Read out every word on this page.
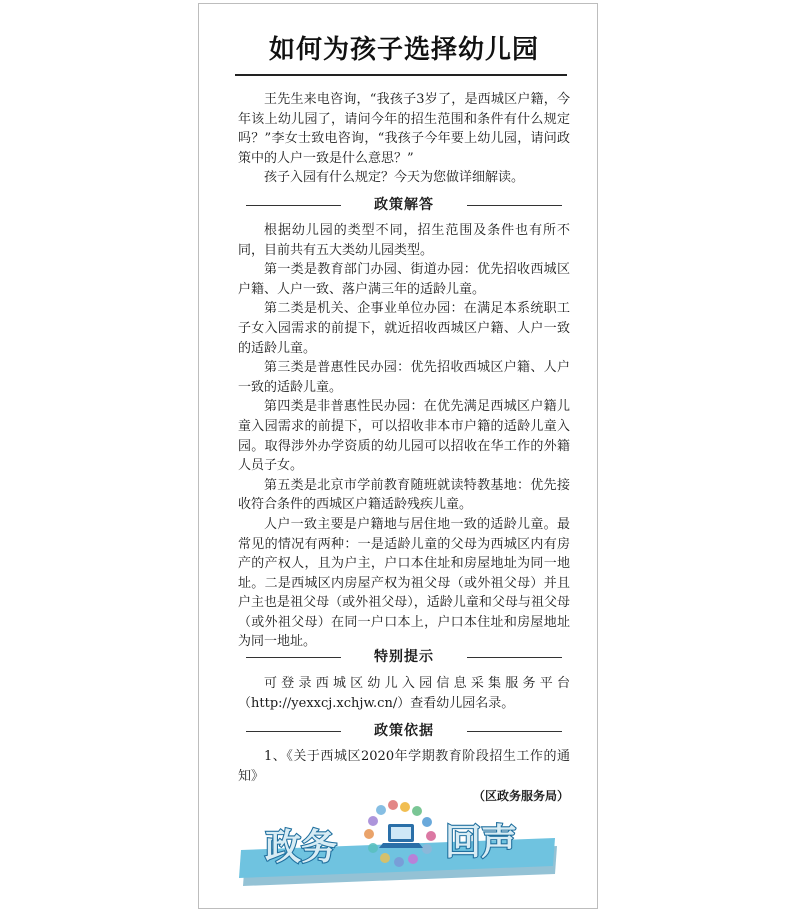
如何为孩子选择幼儿园

王先生来电咨询，“我孩子3岁了，是西城区户籍，今年该上幼儿园了，请问今年的招生范围和条件有什么规定吗？”李女士致电咨询，“我孩子今年要上幼儿园，请问政策中的人户一致是什么意思？”

孩子入园有什么规定？今天为您做详细解读。

政策解答

根据幼儿园的类型不同，招生范围及条件也有所不同，目前共有五大类幼儿园类型。

第一类是教育部门办园、街道办园：优先招收西城区户籍、人户一致、落户满三年的适龄儿童。

第二类是机关、企事业单位办园：在满足本系统职工子女入园需求的前提下，就近招收西城区户籍、人户一致的适龄儿童。

第三类是普惠性民办园：优先招收西城区户籍、人户一致的适龄儿童。

第四类是非普惠性民办园：在优先满足西城区户籍儿童入园需求的前提下，可以招收非本市户籍的适龄儿童入园。取得涉外办学资质的幼儿园可以招收在华工作的外籍人员子女。

第五类是北京市学前教育随班就读特教基地：优先接收符合条件的西城区户籍适龄残疾儿童。

人户一致主要是户籍地与居住地一致的适龄儿童。最常见的情况有两种：一是适龄儿童的父母为西城区内有房产的产权人，且为户主，户口本住址和房屋地址为同一地址。二是西城区内房屋产权为祖父母（或外祖父母）并且户主也是祖父母（或外祖父母），适龄儿童和父母与祖父母（或外祖父母）在同一户口本上，户口本住址和房屋地址为同一地址。

特别提示

可登录西城区幼儿入园信息采集服务平台（http://yexxcj.xchjw.cn/）查看幼儿园名录。

政策依据

1、《关于西城区2020年学期教育阶段招生工作的通知》

（区政务服务局）
政务	回声
